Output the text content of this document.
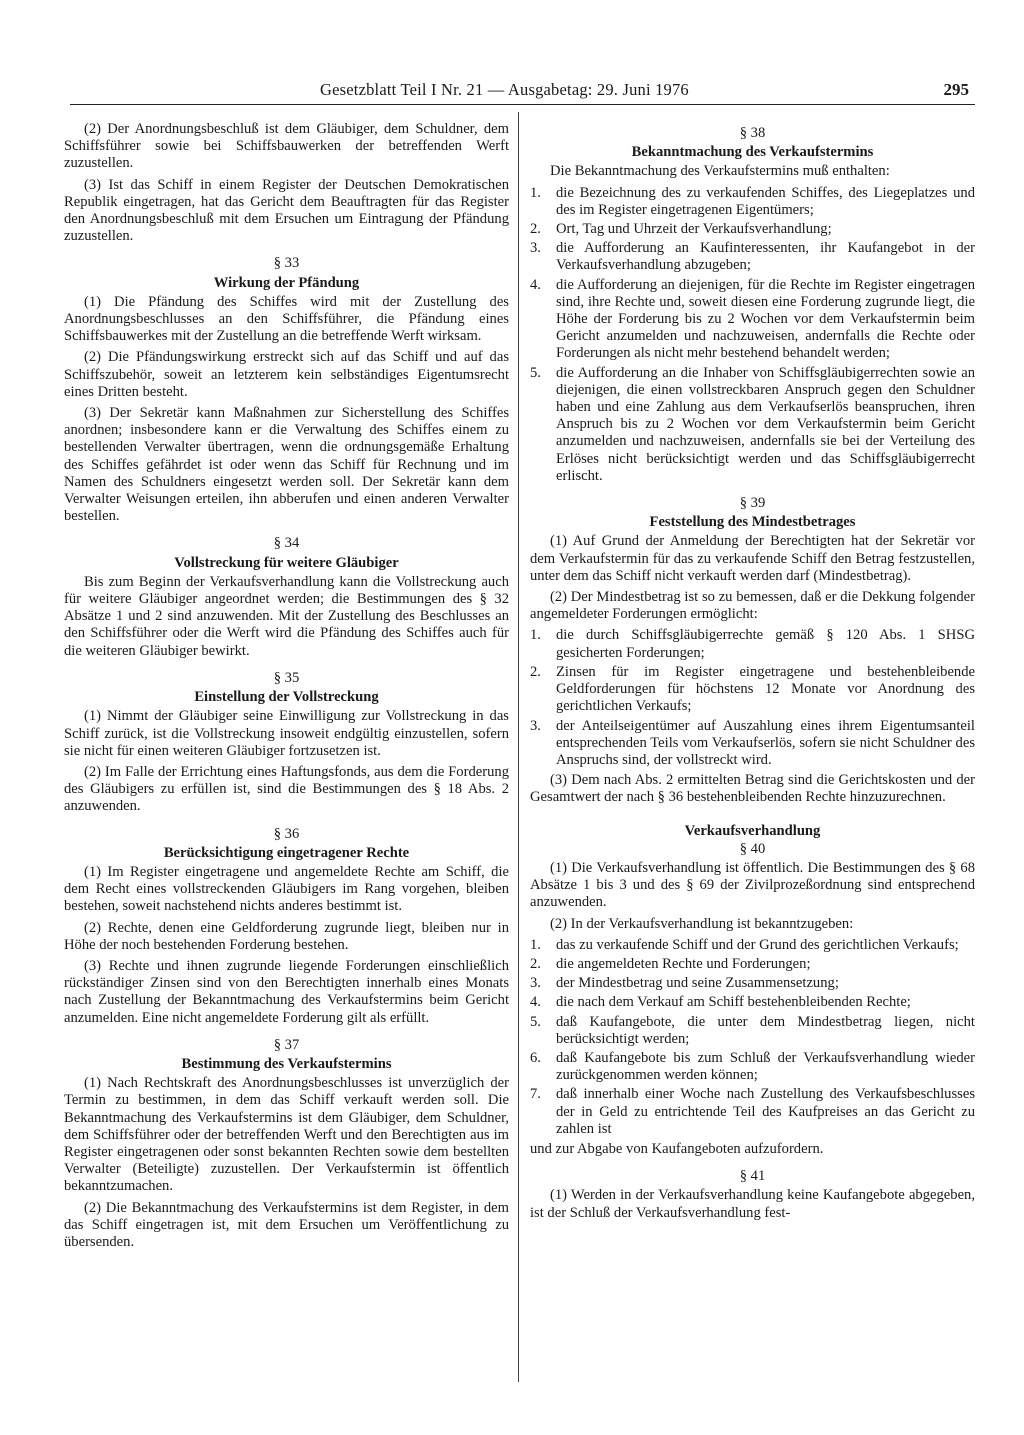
Gesetzblatt Teil I Nr. 21 — Ausgabetag: 29. Juni 1976	295

(2) Der Anordnungsbeschluß ist dem Gläubiger, dem Schuldner, dem Schiffsführer sowie bei Schiffsbauwerken der betreffenden Werft zuzustellen.

(3) Ist das Schiff in einem Register der Deutschen Demokratischen Republik eingetragen, hat das Gericht dem Beauftragten für das Register den Anordnungsbeschluß mit dem Ersuchen um Eintragung der Pfändung zuzustellen.

§ 33
Wirkung der Pfändung

(1) Die Pfändung des Schiffes wird mit der Zustellung des Anordnungsbeschlusses an den Schiffsführer, die Pfändung eines Schiffsbauwerkes mit der Zustellung an die betreffende Werft wirksam.

(2) Die Pfändungswirkung erstreckt sich auf das Schiff und auf das Schiffszubehör, soweit an letzterem kein selbständiges Eigentumsrecht eines Dritten besteht.

(3) Der Sekretär kann Maßnahmen zur Sicherstellung des Schiffes anordnen; insbesondere kann er die Verwaltung des Schiffes einem zu bestellenden Verwalter übertragen, wenn die ordnungsgemäße Erhaltung des Schiffes gefährdet ist oder wenn das Schiff für Rechnung und im Namen des Schuldners eingesetzt werden soll. Der Sekretär kann dem Verwalter Weisungen erteilen, ihn abberufen und einen anderen Verwalter bestellen.

§ 34
Vollstreckung für weitere Gläubiger

Bis zum Beginn der Verkaufsverhandlung kann die Vollstreckung auch für weitere Gläubiger angeordnet werden; die Bestimmungen des § 32 Absätze 1 und 2 sind anzuwenden. Mit der Zustellung des Beschlusses an den Schiffsführer oder die Werft wird die Pfändung des Schiffes auch für die weiteren Gläubiger bewirkt.

§ 35
Einstellung der Vollstreckung

(1) Nimmt der Gläubiger seine Einwilligung zur Vollstreckung in das Schiff zurück, ist die Vollstreckung insoweit endgültig einzustellen, sofern sie nicht für einen weiteren Gläubiger fortzusetzen ist.

(2) Im Falle der Errichtung eines Haftungsfonds, aus dem die Forderung des Gläubigers zu erfüllen ist, sind die Bestimmungen des § 18 Abs. 2 anzuwenden.

§ 36
Berücksichtigung eingetragener Rechte

(1) Im Register eingetragene und angemeldete Rechte am Schiff, die dem Recht eines vollstreckenden Gläubigers im Rang vorgehen, bleiben bestehen, soweit nachstehend nichts anderes bestimmt ist.

(2) Rechte, denen eine Geldforderung zugrunde liegt, bleiben nur in Höhe der noch bestehenden Forderung bestehen.

(3) Rechte und ihnen zugrunde liegende Forderungen einschließlich rückständiger Zinsen sind von den Berechtigten innerhalb eines Monats nach Zustellung der Bekanntmachung des Verkaufstermins beim Gericht anzumelden. Eine nicht angemeldete Forderung gilt als erfüllt.

§ 37
Bestimmung des Verkaufstermins

(1) Nach Rechtskraft des Anordnungsbeschlusses ist unverzüglich der Termin zu bestimmen, in dem das Schiff verkauft werden soll. Die Bekanntmachung des Verkaufstermins ist dem Gläubiger, dem Schuldner, dem Schiffsführer oder der betreffenden Werft und den Berechtigten aus im Register eingetragenen oder sonst bekannten Rechten sowie dem bestellten Verwalter (Beteiligte) zuzustellen. Der Verkaufstermin ist öffentlich bekanntzumachen.

(2) Die Bekanntmachung des Verkaufstermins ist dem Register, in dem das Schiff eingetragen ist, mit dem Ersuchen um Veröffentlichung zu übersenden.

§ 38
Bekanntmachung des Verkaufstermins

Die Bekanntmachung des Verkaufstermins muß enthalten:

1.	die Bezeichnung des zu verkaufenden Schiffes, des Liegeplatzes und des im Register eingetragenen Eigentümers;
2.	Ort, Tag und Uhrzeit der Verkaufsverhandlung;
3.	die Aufforderung an Kaufinteressenten, ihr Kaufangebot in der Verkaufsverhandlung abzugeben;
4.	die Aufforderung an diejenigen, für die Rechte im Register eingetragen sind, ihre Rechte und, soweit diesen eine Forderung zugrunde liegt, die Höhe der Forderung bis zu 2 Wochen vor dem Verkaufstermin beim Gericht anzumelden und nachzuweisen, andernfalls die Rechte oder Forderungen als nicht mehr bestehend behandelt werden;
5.	die Aufforderung an die Inhaber von Schiffsgläubigerrechten sowie an diejenigen, die einen vollstreckbaren Anspruch gegen den Schuldner haben und eine Zahlung aus dem Verkaufserlös beanspruchen, ihren Anspruch bis zu 2 Wochen vor dem Verkaufstermin beim Gericht anzumelden und nachzuweisen, andernfalls sie bei der Verteilung des Erlöses nicht berücksichtigt werden und das Schiffsgläubigerrecht erlischt.
§ 39
Feststellung des Mindestbetrages

(1) Auf Grund der Anmeldung der Berechtigten hat der Sekretär vor dem Verkaufstermin für das zu verkaufende Schiff den Betrag festzustellen, unter dem das Schiff nicht verkauft werden darf (Mindestbetrag).

(2) Der Mindestbetrag ist so zu bemessen, daß er die Dekkung folgender angemeldeter Forderungen ermöglicht:

1.	die durch Schiffsgläubigerrechte gemäß § 120 Abs. 1 SHSG gesicherten Forderungen;
2.	Zinsen für im Register eingetragene und bestehenbleibende Geldforderungen für höchstens 12 Monate vor Anordnung des gerichtlichen Verkaufs;
3.	der Anteilseigentümer auf Auszahlung eines ihrem Eigentumsanteil entsprechenden Teils vom Verkaufserlös, sofern sie nicht Schuldner des Anspruchs sind, der vollstreckt wird.

(3) Dem nach Abs. 2 ermittelten Betrag sind die Gerichtskosten und der Gesamtwert der nach § 36 bestehenbleibenden Rechte hinzuzurechnen.

Verkaufsverhandlung
§ 40

(1) Die Verkaufsverhandlung ist öffentlich. Die Bestimmungen des § 68 Absätze 1 bis 3 und des § 69 der Zivilprozeßordnung sind entsprechend anzuwenden.

(2) In der Verkaufsverhandlung ist bekanntzugeben:

1.	das zu verkaufende Schiff und der Grund des gerichtlichen Verkaufs;
2.	die angemeldeten Rechte und Forderungen;
3.	der Mindestbetrag und seine Zusammensetzung;
4.	die nach dem Verkauf am Schiff bestehenbleibenden Rechte;
5.	daß Kaufangebote, die unter dem Mindestbetrag liegen, nicht berücksichtigt werden;
6.	daß Kaufangebote bis zum Schluß der Verkaufsverhandlung wieder zurückgenommen werden können;
7.	daß innerhalb einer Woche nach Zustellung des Verkaufsbeschlusses der in Geld zu entrichtende Teil des Kaufpreises an das Gericht zu zahlen ist
und zur Abgabe von Kaufangeboten aufzufordern.
§ 41

(1) Werden in der Verkaufsverhandlung keine Kaufangebote abgegeben, ist der Schluß der Verkaufsverhandlung fest-
